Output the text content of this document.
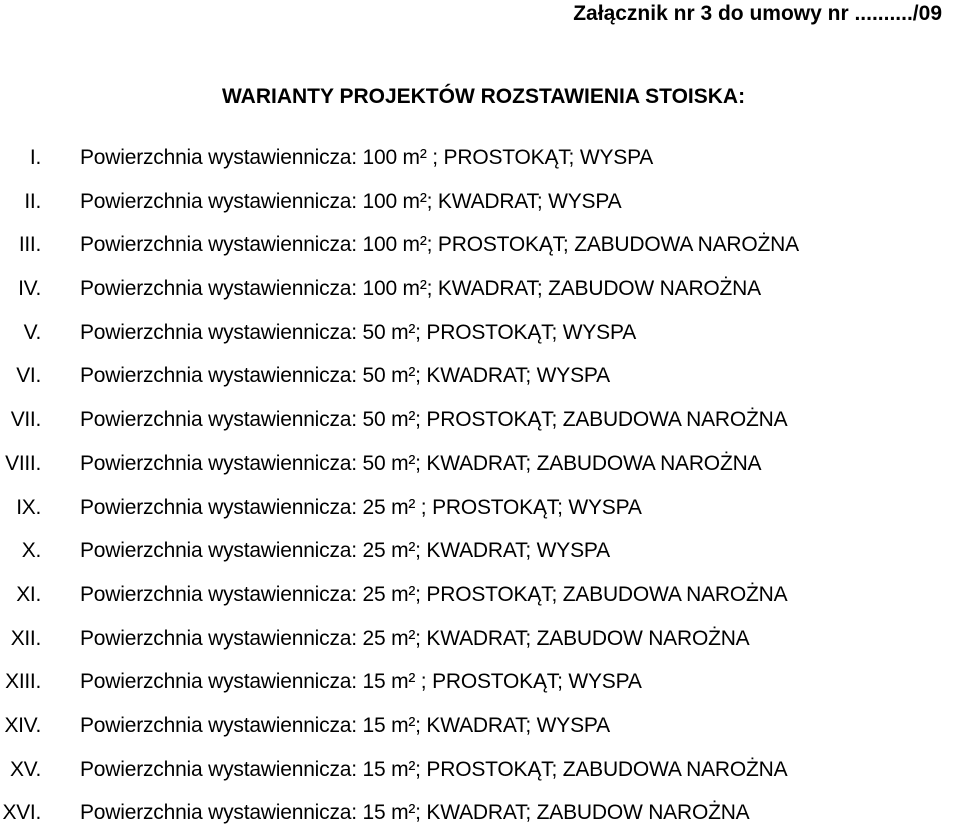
Załącznik nr 3 do umowy nr ........../09
WARIANTY PROJEKTÓW ROZSTAWIENIA STOISKA:
I. Powierzchnia wystawiennicza: 100 m² ; PROSTOKĄT; WYSPA
II. Powierzchnia wystawiennicza: 100 m²; KWADRAT; WYSPA
III. Powierzchnia wystawiennicza: 100 m²; PROSTOKĄT; ZABUDOWA NAROŻNA
IV. Powierzchnia wystawiennicza: 100 m²; KWADRAT; ZABUDOW NAROŻNA
V. Powierzchnia wystawiennicza: 50 m²; PROSTOKĄT; WYSPA
VI. Powierzchnia wystawiennicza: 50 m²; KWADRAT; WYSPA
VII. Powierzchnia wystawiennicza: 50 m²; PROSTOKĄT; ZABUDOWA NAROŻNA
VIII. Powierzchnia wystawiennicza: 50 m²; KWADRAT; ZABUDOWA NAROŻNA
IX. Powierzchnia wystawiennicza: 25 m² ; PROSTOKĄT; WYSPA
X. Powierzchnia wystawiennicza: 25 m²; KWADRAT; WYSPA
XI. Powierzchnia wystawiennicza: 25 m²; PROSTOKĄT; ZABUDOWA NAROŻNA
XII. Powierzchnia wystawiennicza: 25 m²; KWADRAT; ZABUDOW NAROŻNA
XIII. Powierzchnia wystawiennicza: 15 m² ; PROSTOKĄT; WYSPA
XIV. Powierzchnia wystawiennicza: 15 m²; KWADRAT; WYSPA
XV. Powierzchnia wystawiennicza: 15 m²; PROSTOKĄT; ZABUDOWA NAROŻNA
XVI. Powierzchnia wystawiennicza: 15 m²; KWADRAT; ZABUDOW NAROŻNA
